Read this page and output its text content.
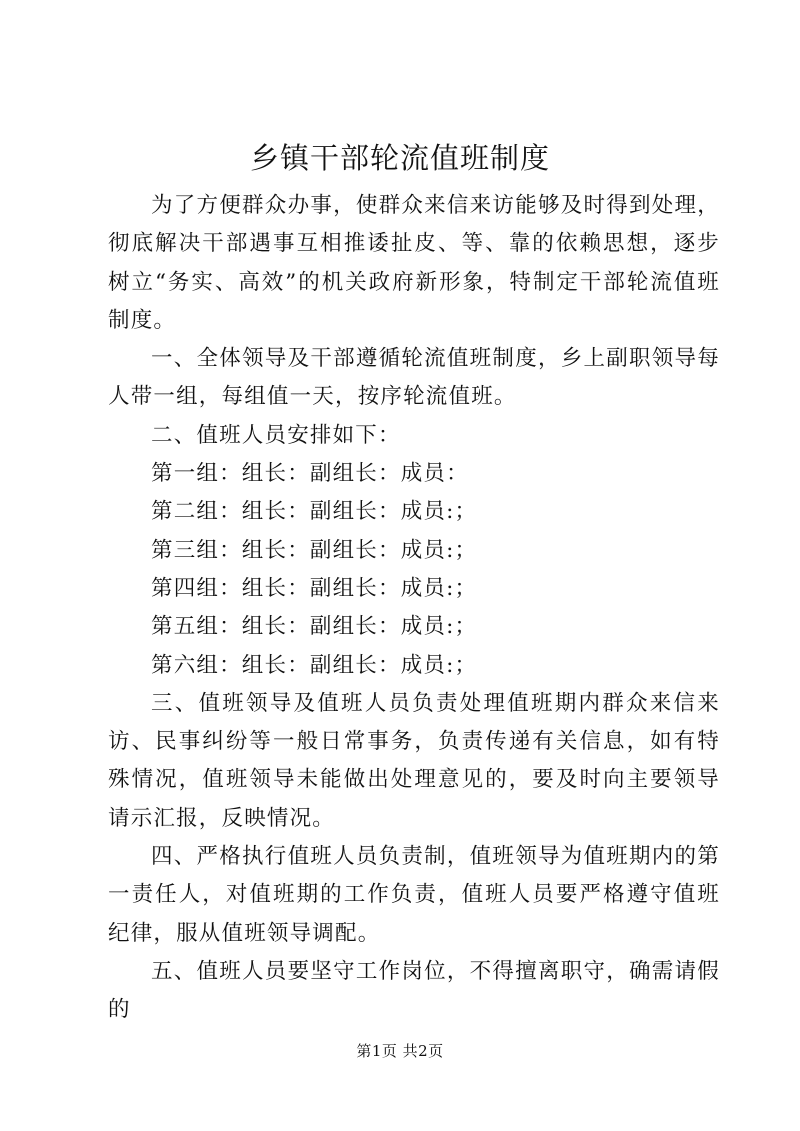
乡镇干部轮流值班制度

为了方便群众办事，使群众来信来访能够及时得到处理，彻底解决干部遇事互相推诿扯皮、等、靠的依赖思想，逐步树立“务实、高效”的机关政府新形象，特制定干部轮流值班制度。

一、全体领导及干部遵循轮流值班制度，乡上副职领导每人带一组，每组值一天，按序轮流值班。

二、值班人员安排如下：

第一组：组长：副组长：成员：

第二组：组长：副组长：成员:；

第三组：组长：副组长：成员:；

第四组：组长：副组长：成员:；

第五组：组长：副组长：成员:；

第六组：组长：副组长：成员:；

三、值班领导及值班人员负责处理值班期内群众来信来访、民事纠纷等一般日常事务，负责传递有关信息，如有特殊情况，值班领导未能做出处理意见的，要及时向主要领导请示汇报，反映情况。

四、严格执行值班人员负责制，值班领导为值班期内的第一责任人，对值班期的工作负责，值班人员要严格遵守值班纪律，服从值班领导调配。

五、值班人员要坚守工作岗位，不得擅离职守，确需请假的

第1页 共2页
